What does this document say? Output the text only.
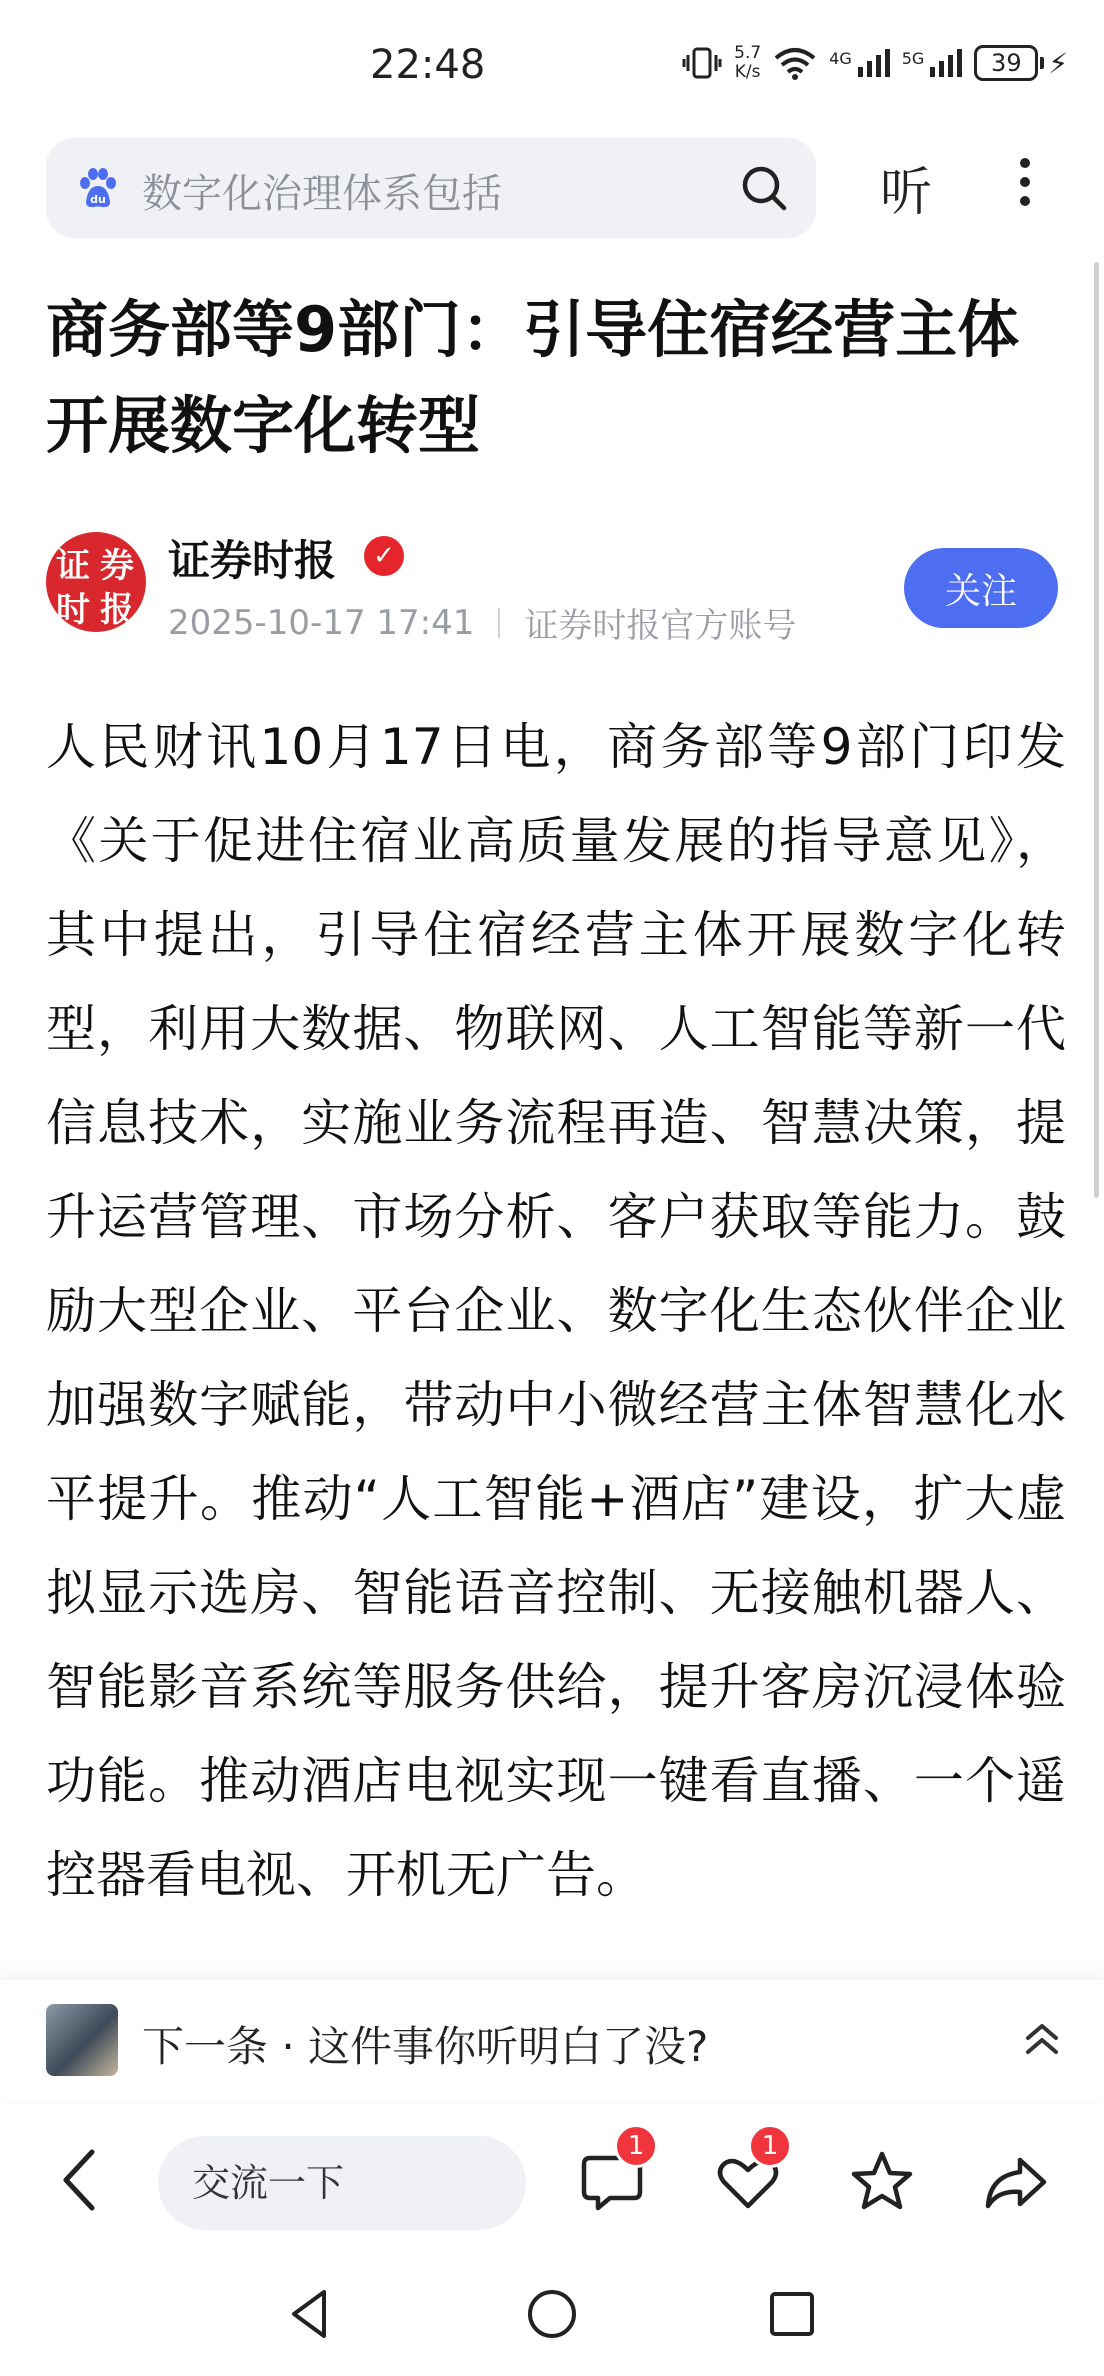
22:48	5.7
K/s
4G	5G	39 ⚡
du 数字化治理体系包括	听
商务部等9部门：引导住宿经营主体开展数字化转型
证 券
时 报
证券时报	✓
2025-10-17 17:41 证券时报官方账号
关注
人民财讯10月17日电，商务部等9部门印发《关于促进住宿业高质量发展的指导意见》，其中提出，引导住宿经营主体开展数字化转型，利用大数据、物联网、人工智能等新一代信息技术，实施业务流程再造、智慧决策，提升运营管理、市场分析、客户获取等能力。鼓励大型企业、平台企业、数字化生态伙伴企业加强数字赋能，带动中小微经营主体智慧化水平提升。推动“人工智能+酒店”建设，扩大虚拟显示选房、智能语音控制、无接触机器人、智能影音系统等服务供给，提升客房沉浸体验功能。推动酒店电视实现一键看直播、一个遥控器看电视、开机无广告。
下一条 · 这件事你听明白了没?
交流一下
1	1
